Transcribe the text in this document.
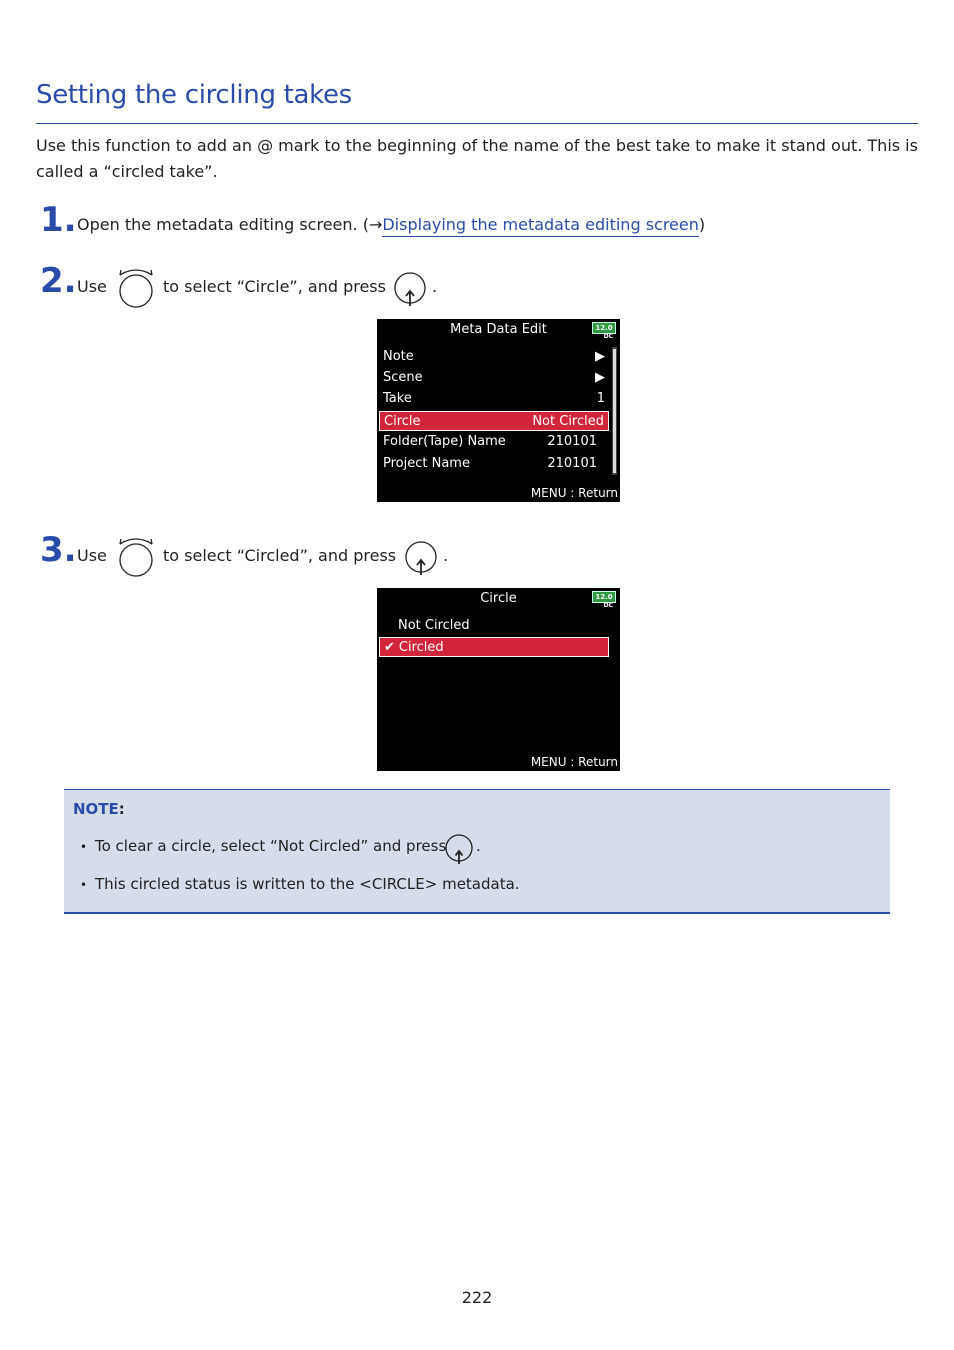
Setting the circling takes

Use this function to add an @ mark to the beginning of the name of the best take to make it stand out. This is called a “circled take”.

1. Open the metadata editing screen. (→Displaying the metadata editing screen)
2. Use	to select “Circle”, and press	.
Meta Data Edit	12.0
DC
Note	▶
Scene	▶
Take	1
Circle	Not Circled
Folder(Tape) Name	210101
Project Name	210101
MENU : Return
3. Use	to select “Circled”, and press	.
Circle	12.0
DC
Not Circled
✔ Circled
MENU : Return
NOTE:
• To clear a circle, select “Not Circled” and press .
• This circled status is written to the <CIRCLE> metadata.
222
